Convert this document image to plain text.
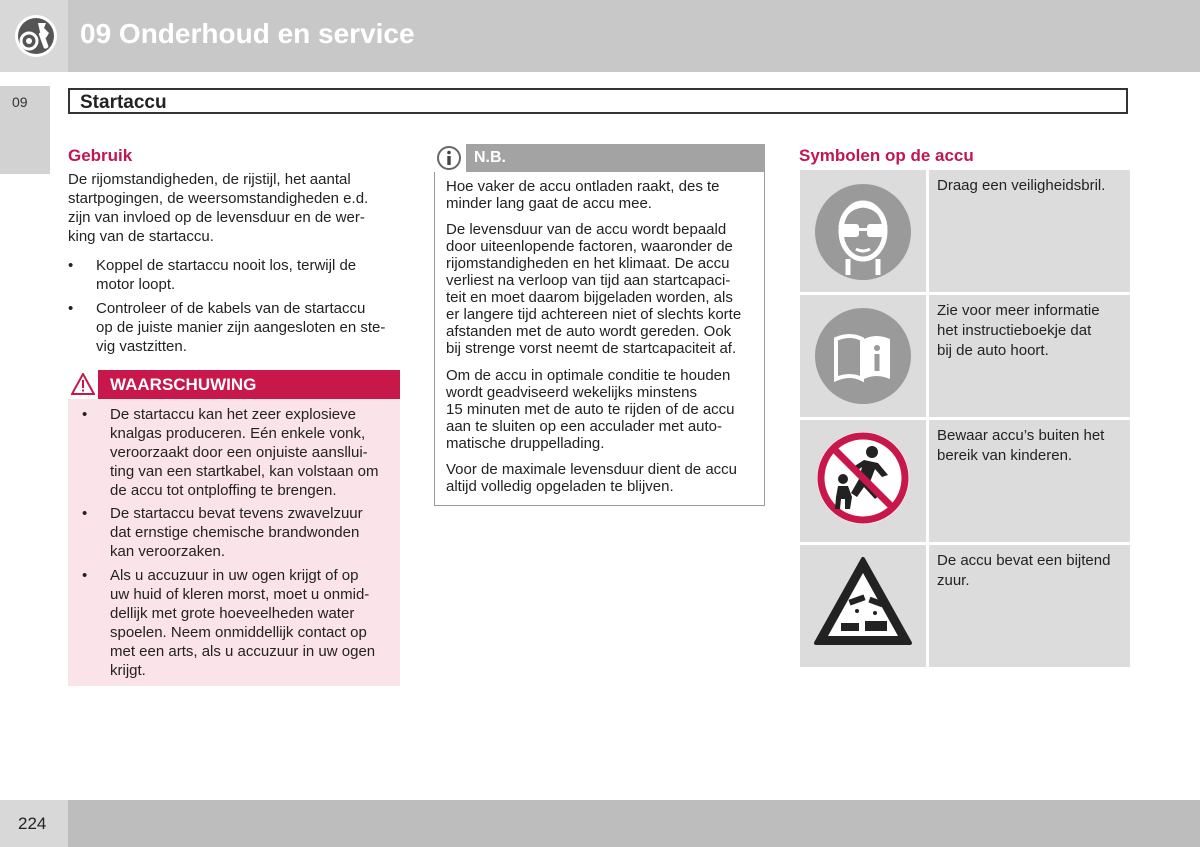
09 Onderhoud en service
09	Startaccu
Gebruik
De rijomstandigheden, de rijstijl, het aantal
startpogingen, de weersomstandigheden e.d.
zijn van invloed op de levensduur en de wer-
king van de startaccu.
• Koppel de startaccu nooit los, terwijl de
motor loopt.
• Controleer of de kabels van de startaccu
op de juiste manier zijn aangesloten en ste-
vig vastzitten.
WAARSCHUWING
• De startaccu kan het zeer explosieve
knalgas produceren. Eén enkele vonk,
veroorzaakt door een onjuiste aansllui-
ting van een startkabel, kan volstaan om
de accu tot ontploffing te brengen.
• De startaccu bevat tevens zwavelzuur
dat ernstige chemische brandwonden
kan veroorzaken.
• Als u accuzuur in uw ogen krijgt of op
uw huid of kleren morst, moet u onmid-
dellijk met grote hoeveelheden water
spoelen. Neem onmiddellijk contact op
met een arts, als u accuzuur in uw ogen
krijgt.
N.B.
Hoe vaker de accu ontladen raakt, des te
minder lang gaat de accu mee.
De levensduur van de accu wordt bepaald
door uiteenlopende factoren, waaronder de
rijomstandigheden en het klimaat. De accu
verliest na verloop van tijd aan startcapaci-
teit en moet daarom bijgeladen worden, als
er langere tijd achtereen niet of slechts korte
afstanden met de auto wordt gereden. Ook
bij strenge vorst neemt de startcapaciteit af.
Om de accu in optimale conditie te houden
wordt geadviseerd wekelijks minstens
15 minuten met de auto te rijden of de accu
aan te sluiten op een acculader met auto-
matische druppellading.
Voor de maximale levensduur dient de accu
altijd volledig opgeladen te blijven.
Symbolen op de accu
Draag een veiligheidsbril.
Zie voor meer informatie
het instructieboekje dat
bij de auto hoort.
Bewaar accu’s buiten het
bereik van kinderen.
De accu bevat een bijtend
zuur.
224
